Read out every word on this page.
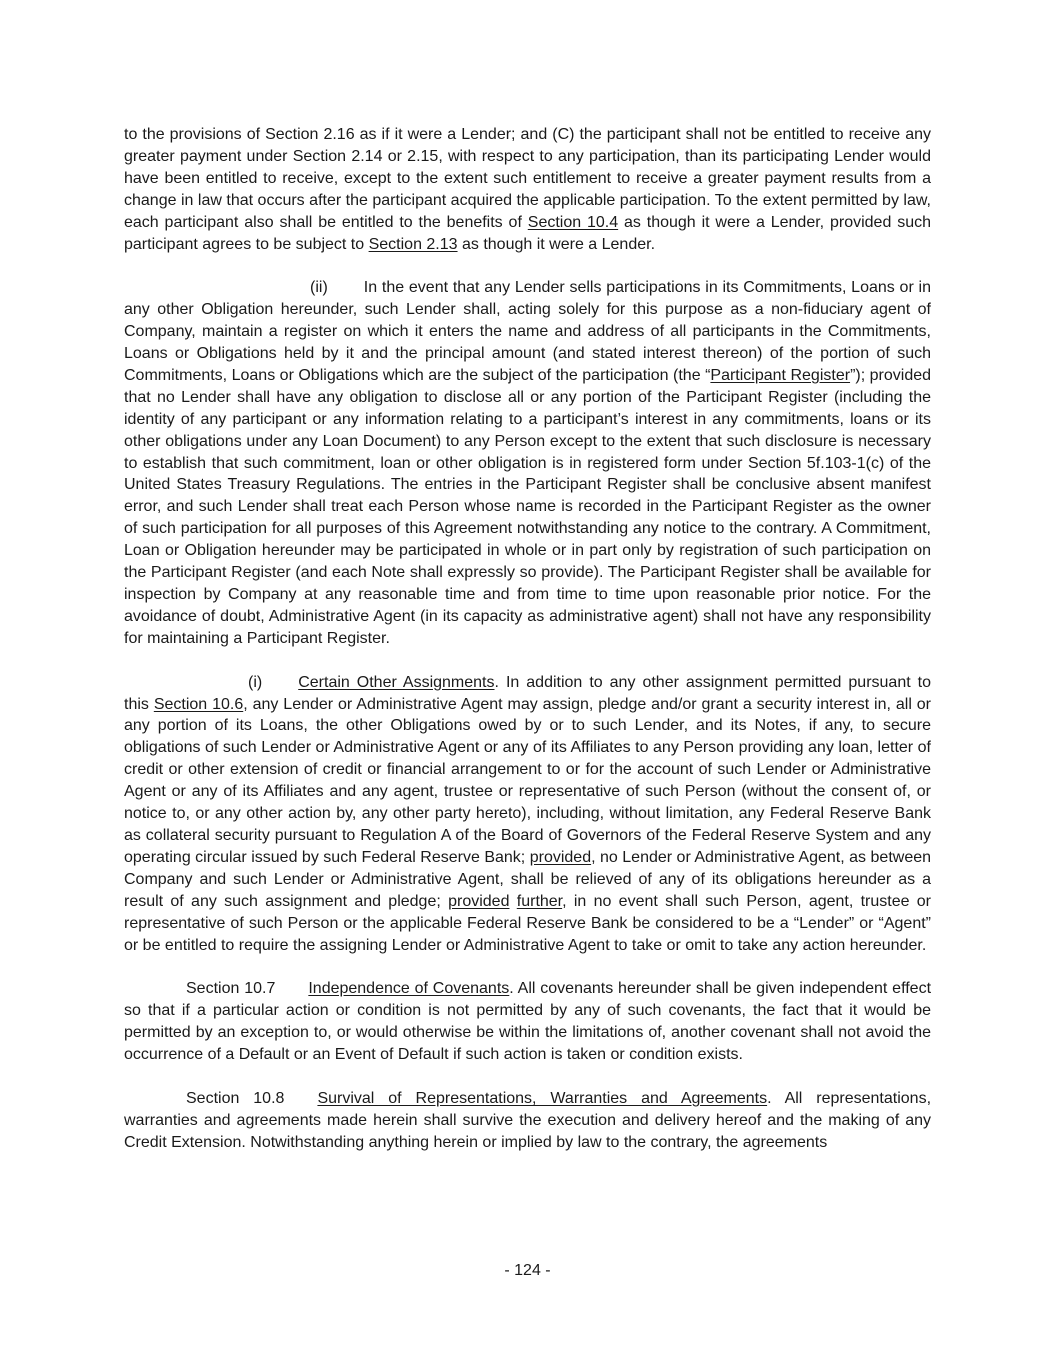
to the provisions of Section 2.16 as if it were a Lender; and (C) the participant shall not be entitled to receive any greater payment under Section 2.14 or 2.15, with respect to any participation, than its participating Lender would have been entitled to receive, except to the extent such entitlement to receive a greater payment results from a change in law that occurs after the participant acquired the applicable participation. To the extent permitted by law, each participant also shall be entitled to the benefits of Section 10.4 as though it were a Lender, provided such participant agrees to be subject to Section 2.13 as though it were a Lender.

(ii) In the event that any Lender sells participations in its Commitments, Loans or in any other Obligation hereunder, such Lender shall, acting solely for this purpose as a non-fiduciary agent of Company, maintain a register on which it enters the name and address of all participants in the Commitments, Loans or Obligations held by it and the principal amount (and stated interest thereon) of the portion of such Commitments, Loans or Obligations which are the subject of the participation (the “Participant Register”); provided that no Lender shall have any obligation to disclose all or any portion of the Participant Register (including the identity of any participant or any information relating to a participant’s interest in any commitments, loans or its other obligations under any Loan Document) to any Person except to the extent that such disclosure is necessary to establish that such commitment, loan or other obligation is in registered form under Section 5f.103-1(c) of the United States Treasury Regulations. The entries in the Participant Register shall be conclusive absent manifest error, and such Lender shall treat each Person whose name is recorded in the Participant Register as the owner of such participation for all purposes of this Agreement notwithstanding any notice to the contrary. A Commitment, Loan or Obligation hereunder may be participated in whole or in part only by registration of such participation on the Participant Register (and each Note shall expressly so provide). The Participant Register shall be available for inspection by Company at any reasonable time and from time to time upon reasonable prior notice. For the avoidance of doubt, Administrative Agent (in its capacity as administrative agent) shall not have any responsibility for maintaining a Participant Register.

(i) Certain Other Assignments. In addition to any other assignment permitted pursuant to this Section 10.6, any Lender or Administrative Agent may assign, pledge and/or grant a security interest in, all or any portion of its Loans, the other Obligations owed by or to such Lender, and its Notes, if any, to secure obligations of such Lender or Administrative Agent or any of its Affiliates to any Person providing any loan, letter of credit or other extension of credit or financial arrangement to or for the account of such Lender or Administrative Agent or any of its Affiliates and any agent, trustee or representative of such Person (without the consent of, or notice to, or any other action by, any other party hereto), including, without limitation, any Federal Reserve Bank as collateral security pursuant to Regulation A of the Board of Governors of the Federal Reserve System and any operating circular issued by such Federal Reserve Bank; provided, no Lender or Administrative Agent, as between Company and such Lender or Administrative Agent, shall be relieved of any of its obligations hereunder as a result of any such assignment and pledge; provided further, in no event shall such Person, agent, trustee or representative of such Person or the applicable Federal Reserve Bank be considered to be a “Lender” or “Agent” or be entitled to require the assigning Lender or Administrative Agent to take or omit to take any action hereunder.

Section 10.7 Independence of Covenants. All covenants hereunder shall be given independent effect so that if a particular action or condition is not permitted by any of such covenants, the fact that it would be permitted by an exception to, or would otherwise be within the limitations of, another covenant shall not avoid the occurrence of a Default or an Event of Default if such action is taken or condition exists.

Section 10.8 Survival of Representations, Warranties and Agreements. All representations, warranties and agreements made herein shall survive the execution and delivery hereof and the making of any Credit Extension. Notwithstanding anything herein or implied by law to the contrary, the agreements

- 124 -
